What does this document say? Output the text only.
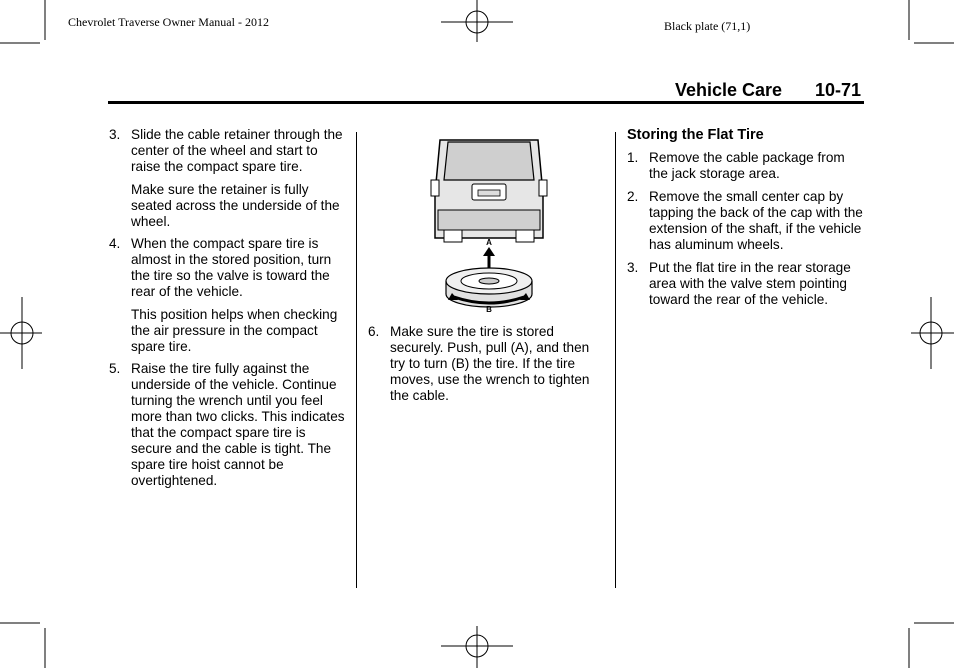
Chevrolet Traverse Owner Manual - 2012	Black plate (71,1)
Vehicle Care 10-71
3. Slide the cable retainer through the center of the wheel and start to raise the compact spare tire.
Make sure the retainer is fully seated across the underside of the wheel.
4. When the compact spare tire is almost in the stored position, turn the tire so the valve is toward the rear of the vehicle.
This position helps when checking the air pressure in the compact spare tire.
5. Raise the tire fully against the underside of the vehicle. Continue turning the wrench until you feel more than two clicks. This indicates that the compact spare tire is secure and the cable is tight. The spare tire hoist cannot be overtightened.
A
B
6. Make sure the tire is stored securely. Push, pull (A), and then try to turn (B) the tire. If the tire moves, use the wrench to tighten the cable.
Storing the Flat Tire
1. Remove the cable package from the jack storage area.
2. Remove the small center cap by tapping the back of the cap with the extension of the shaft, if the vehicle has aluminum wheels.
3. Put the flat tire in the rear storage area with the valve stem pointing toward the rear of the vehicle.
